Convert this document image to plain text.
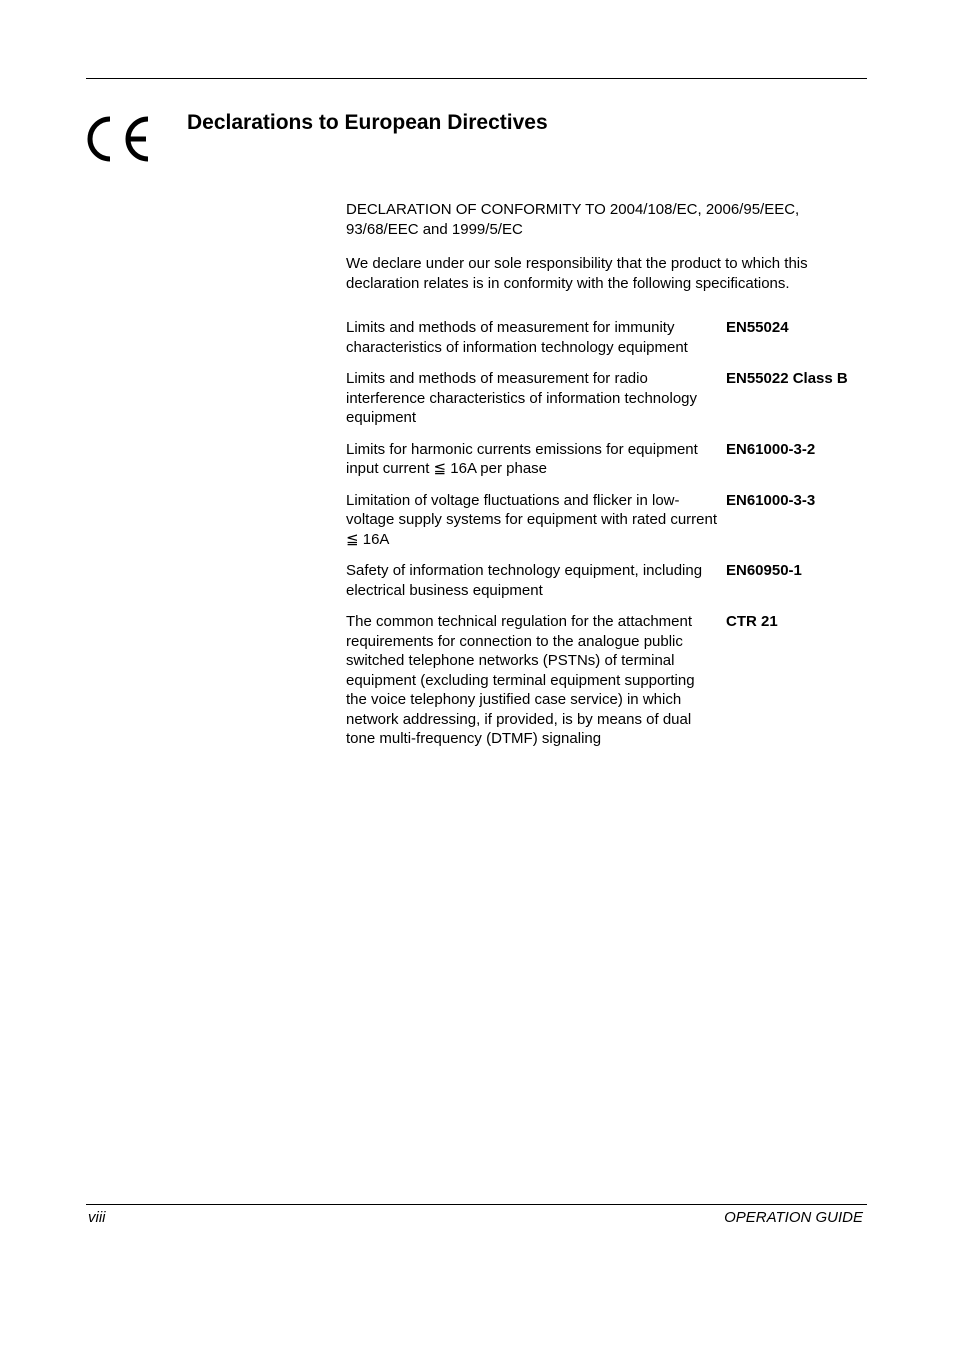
Declarations to European Directives

DECLARATION OF CONFORMITY TO 2004/108/EC, 2006/95/EEC, 93/68/EEC and 1999/5/EC

We declare under our sole responsibility that the product to which this declaration relates is in conformity with the following specifications.

Limits and methods of measurement for immunity characteristics of information technology equipment
EN55024
Limits and methods of measurement for radio interference characteristics of information technology equipment
EN55022 Class B
Limits for harmonic currents emissions for equipment input current ≦ 16A per phase
EN61000-3-2
Limitation of voltage fluctuations and flicker in low-voltage supply systems for equipment with rated current ≦ 16A
EN61000-3-3
Safety of information technology equipment, including electrical business equipment
EN60950-1
The common technical regulation for the attachment requirements for connection to the analogue public switched telephone networks (PSTNs) of terminal equipment (excluding terminal equipment supporting the voice telephony justified case service) in which network addressing, if provided, is by means of dual tone multi-frequency (DTMF) signaling
CTR 21
viii	OPERATION GUIDE
